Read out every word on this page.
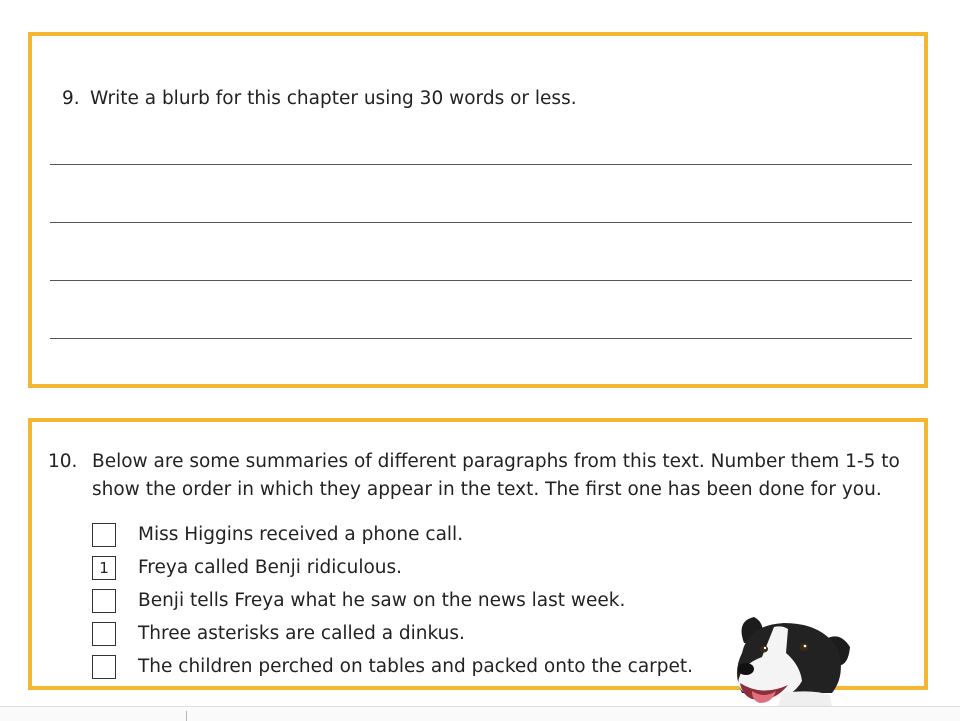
9. Write a blurb for this chapter using 30 words or less.
10. Below are some summaries of different paragraphs from this text. Number them 1-5 to show the order in which they appear in the text. The first one has been done for you.
Miss Higgins received a phone call.
1	Freya called Benji ridiculous.
Benji tells Freya what he saw on the news last week.
Three asterisks are called a dinkus.
The children perched on tables and packed onto the carpet.
